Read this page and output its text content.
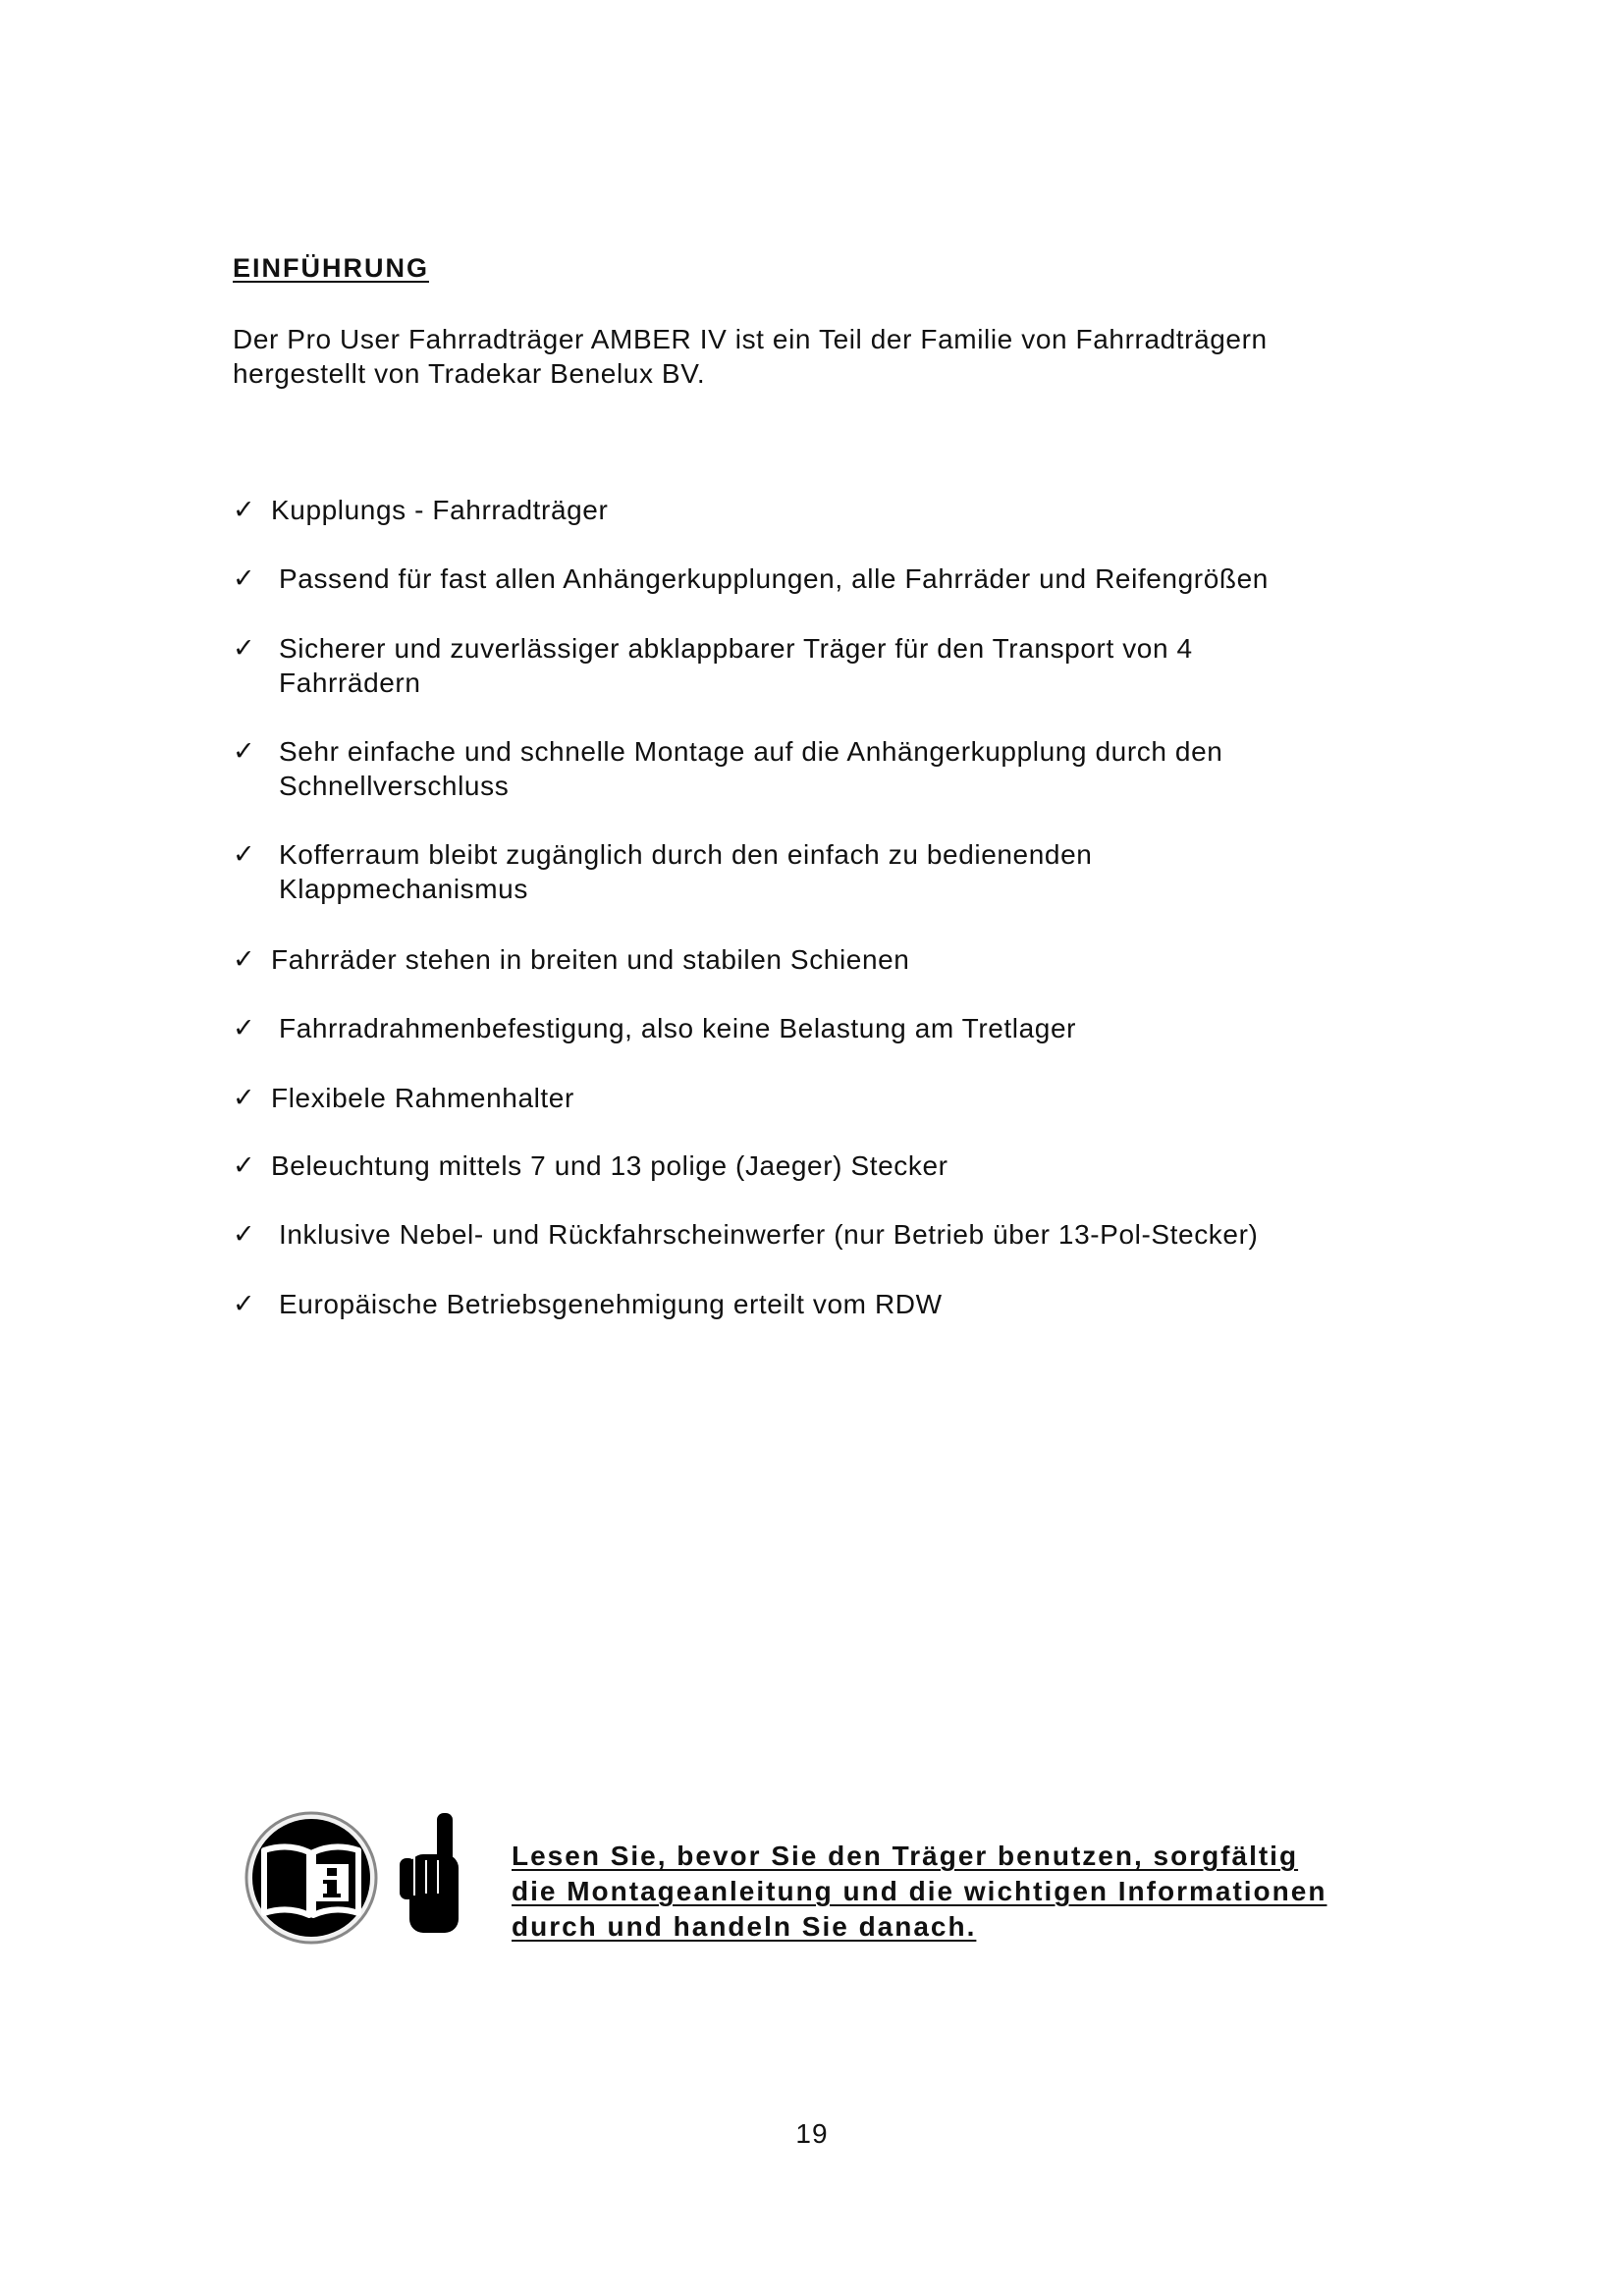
EINFÜHRUNG
Der Pro User Fahrradträger AMBER IV ist ein Teil der Familie von Fahrradträgern
hergestellt von Tradekar Benelux BV.
✓ Kupplungs - Fahrradträger
✓ Passend für fast allen Anhängerkupplungen, alle Fahrräder und Reifengrößen
✓ Sicherer und zuverlässiger abklappbarer Träger für den Transport von 4
Fahrrädern
✓ Sehr einfache und schnelle Montage auf die Anhängerkupplung durch den
Schnellverschluss
✓ Kofferraum bleibt zugänglich durch den einfach zu bedienenden
Klappmechanismus
✓ Fahrräder stehen in breiten und stabilen Schienen
✓ Fahrradrahmenbefestigung, also keine Belastung am Tretlager
✓ Flexibele Rahmenhalter
✓ Beleuchtung mittels 7 und 13 polige (Jaeger) Stecker
✓ Inklusive Nebel- und Rückfahrscheinwerfer (nur Betrieb über 13-Pol-Stecker)
✓ Europäische Betriebsgenehmigung erteilt vom RDW
Lesen Sie, bevor Sie den Träger benutzen, sorgfältig
die Montageanleitung und die wichtigen Informationen
durch und handeln Sie danach.
19
